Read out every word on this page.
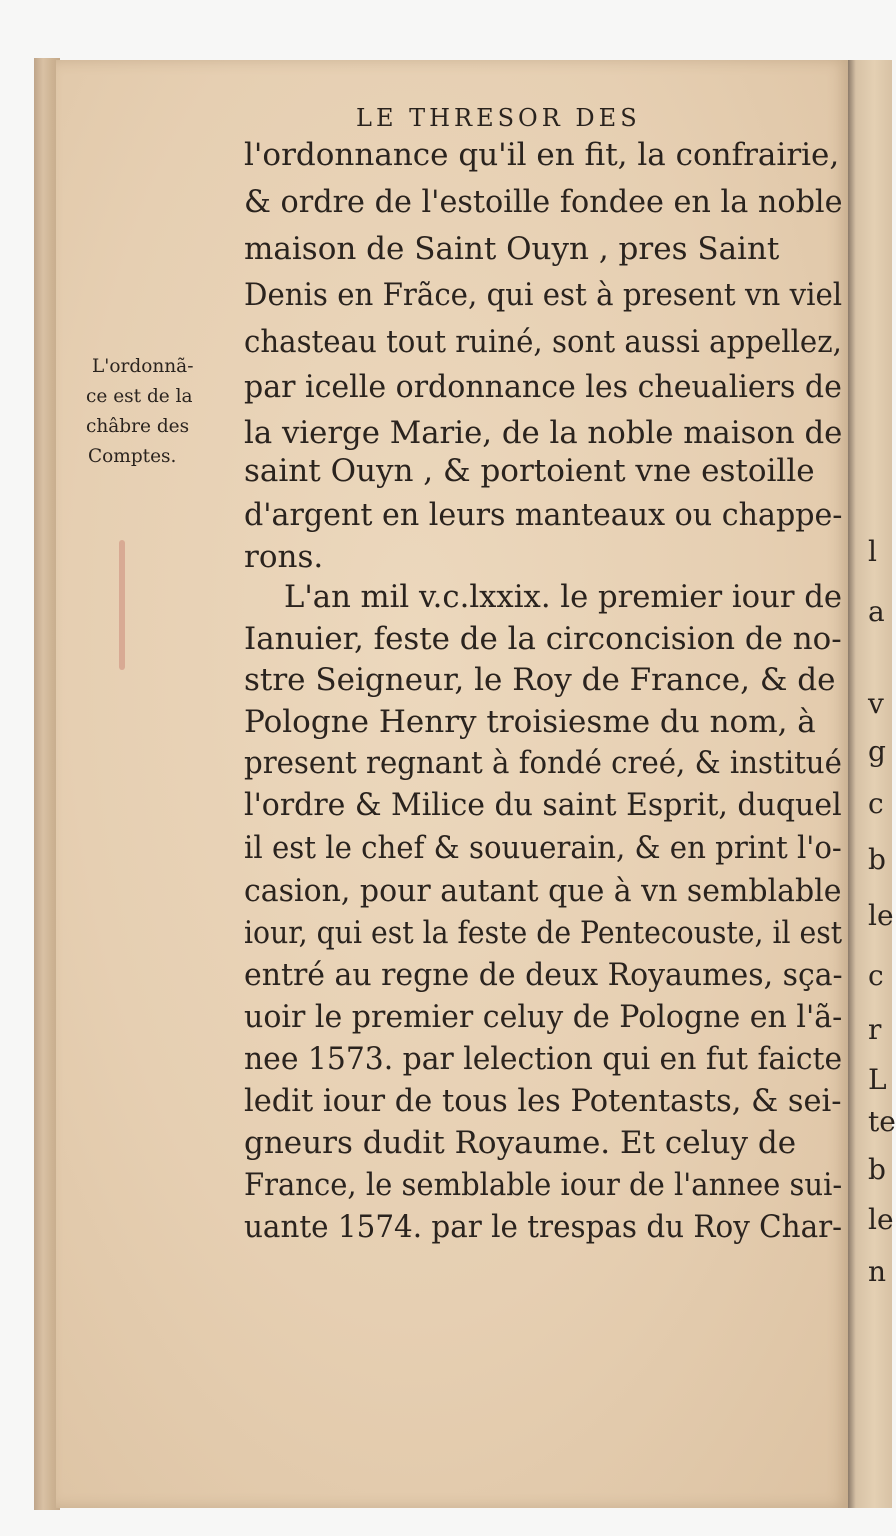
l
a
v
g
c
b
le
c
r
L
te
b
le
n
LE THRESOR DES
L'ordonnã-
ce est de la
châbre des
Comptes.
l'ordonnance qu'il en fit, la confrairie,
& ordre de l'estoille fondee en la noble
maison de Saint Ouyn , pres Saint
Denis en Frãce, qui est à present vn viel
chasteau tout ruiné, sont aussi appellez,
par icelle ordonnance les cheualiers de
la vierge Marie, de la noble maison de
saint Ouyn , & portoient vne estoille
d'argent en leurs manteaux ou chappe-
rons.
L'an mil v.c.lxxix. le premier iour de
Ianuier, feste de la circoncision de no-
stre Seigneur, le Roy de France, & de
Pologne Henry troisiesme du nom, à
present regnant à fondé creé, & institué
l'ordre & Milice du saint Esprit, duquel
il est le chef & souuerain, & en print l'o-
casion, pour autant que à vn semblable
iour, qui est la feste de Pentecouste, il est
entré au regne de deux Royaumes, sça-
uoir le premier celuy de Pologne en l'ã-
nee 1573. par lelection qui en fut faicte
ledit iour de tous les Potentasts, & sei-
gneurs dudit Royaume. Et celuy de
France, le semblable iour de l'annee sui-
uante 1574. par le trespas du Roy Char-
